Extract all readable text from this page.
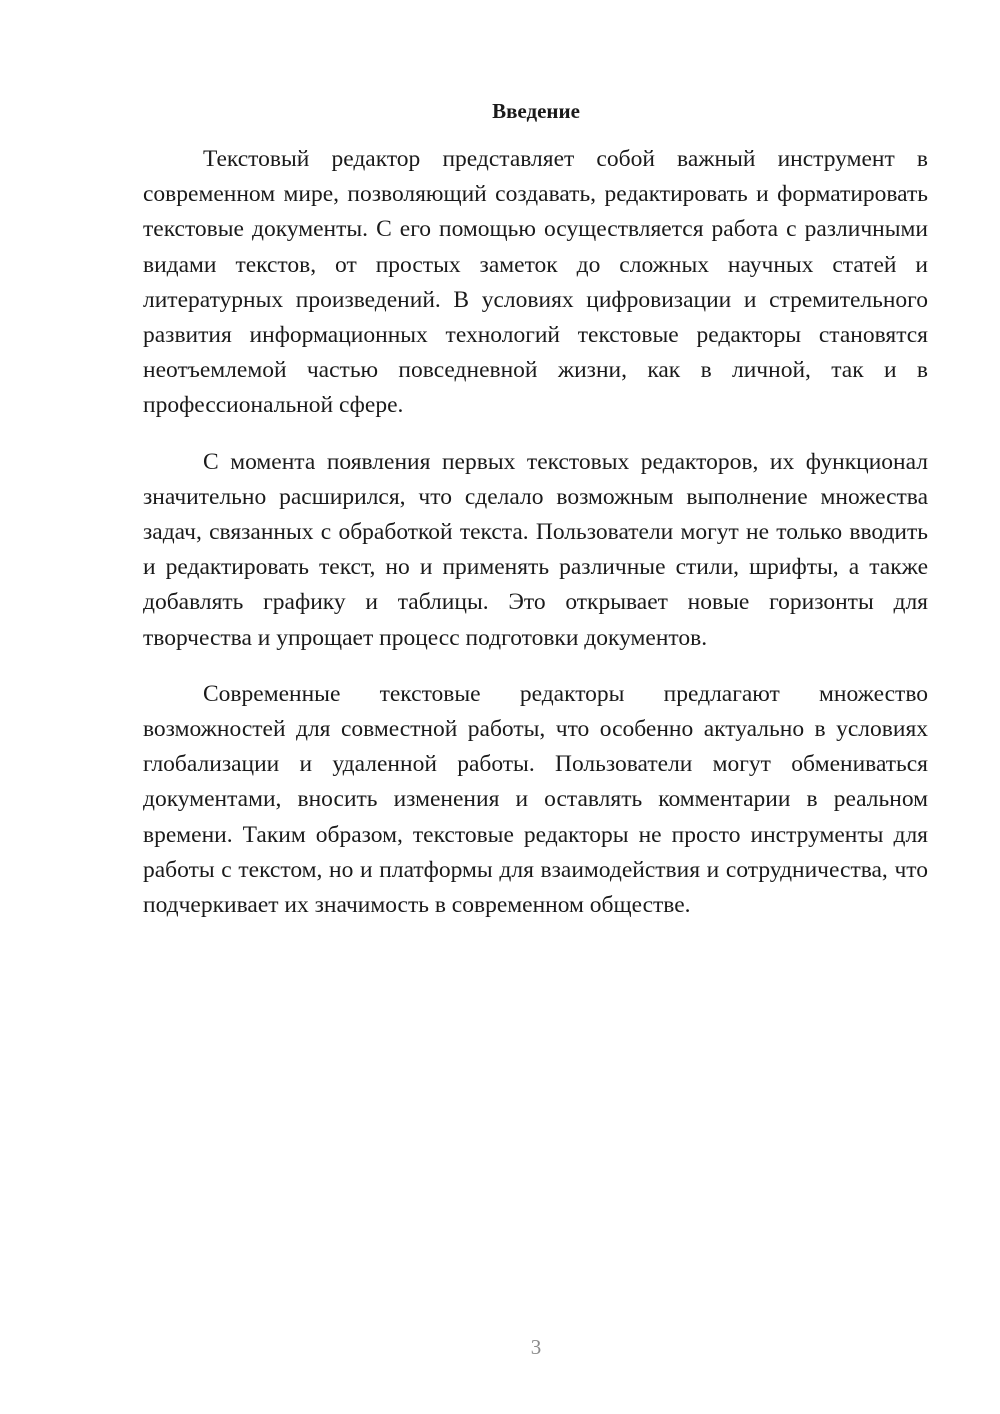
Введение

Текстовый редактор представляет собой важный инструмент в современном мире, позволяющий создавать, редактировать и форматировать текстовые документы. С его помощью осуществляется работа с различными видами текстов, от простых заметок до сложных научных статей и литературных произведений. В условиях цифровизации и стремительного развития информационных технологий текстовые редакторы становятся неотъемлемой частью повседневной жизни, как в личной, так и в профессиональной сфере.

С момента появления первых текстовых редакторов, их функционал значительно расширился, что сделало возможным выполнение множества задач, связанных с обработкой текста. Пользователи могут не только вводить и редактировать текст, но и применять различные стили, шрифты, а также добавлять графику и таблицы. Это открывает новые горизонты для творчества и упрощает процесс подготовки документов.

Современные текстовые редакторы предлагают множество возможностей для совместной работы, что особенно актуально в условиях глобализации и удаленной работы. Пользователи могут обмениваться документами, вносить изменения и оставлять комментарии в реальном времени. Таким образом, текстовые редакторы не просто инструменты для работы с текстом, но и платформы для взаимодействия и сотрудничества, что подчеркивает их значимость в современном обществе.

3
